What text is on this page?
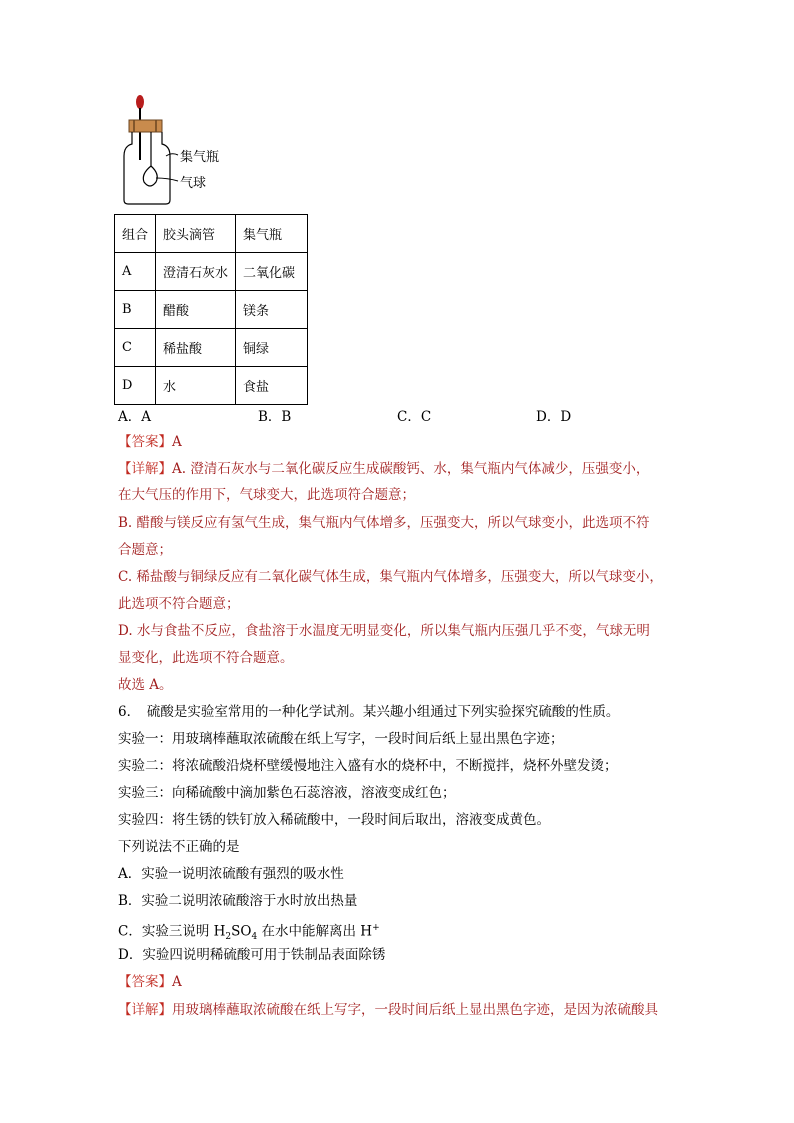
集气瓶
气球
组合	胶头滴管	集气瓶
A	澄清石灰水	二氧化碳
B	醋酸	镁条
C	稀盐酸	铜绿
D	水	食盐
A．A	B．B	C．C	D．D
【答案】A
【详解】A. 澄清石灰水与二氧化碳反应生成碳酸钙、水，集气瓶内气体减少，压强变小，
在大气压的作用下，气球变大，此选项符合题意；
B. 醋酸与镁反应有氢气生成，集气瓶内气体增多，压强变大，所以气球变小，此选项不符
合题意；
C. 稀盐酸与铜绿反应有二氧化碳气体生成，集气瓶内气体增多，压强变大，所以气球变小，
此选项不符合题意；
D. 水与食盐不反应，食盐溶于水温度无明显变化，所以集气瓶内压强几乎不变，气球无明
显变化，此选项不符合题意。
故选 A。
6．　硫酸是实验室常用的一种化学试剂。某兴趣小组通过下列实验探究硫酸的性质。
实验一：用玻璃棒蘸取浓硫酸在纸上写字，一段时间后纸上显出黑色字迹；
实验二：将浓硫酸沿烧杯壁缓慢地注入盛有水的烧杯中，不断搅拌，烧杯外壁发烫；
实验三：向稀硫酸中滴加紫色石蕊溶液，溶液变成红色；
实验四：将生锈的铁钉放入稀硫酸中，一段时间后取出，溶液变成黄色。
下列说法不正确的是
A．实验一说明浓硫酸有强烈的吸水性
B．实验二说明浓硫酸溶于水时放出热量
C．实验三说明 $H_2SO_4$ 在水中能解离出 H+
D．实验四说明稀硫酸可用于铁制品表面除锈
【答案】A
【详解】用玻璃棒蘸取浓硫酸在纸上写字，一段时间后纸上显出黑色字迹，是因为浓硫酸具
